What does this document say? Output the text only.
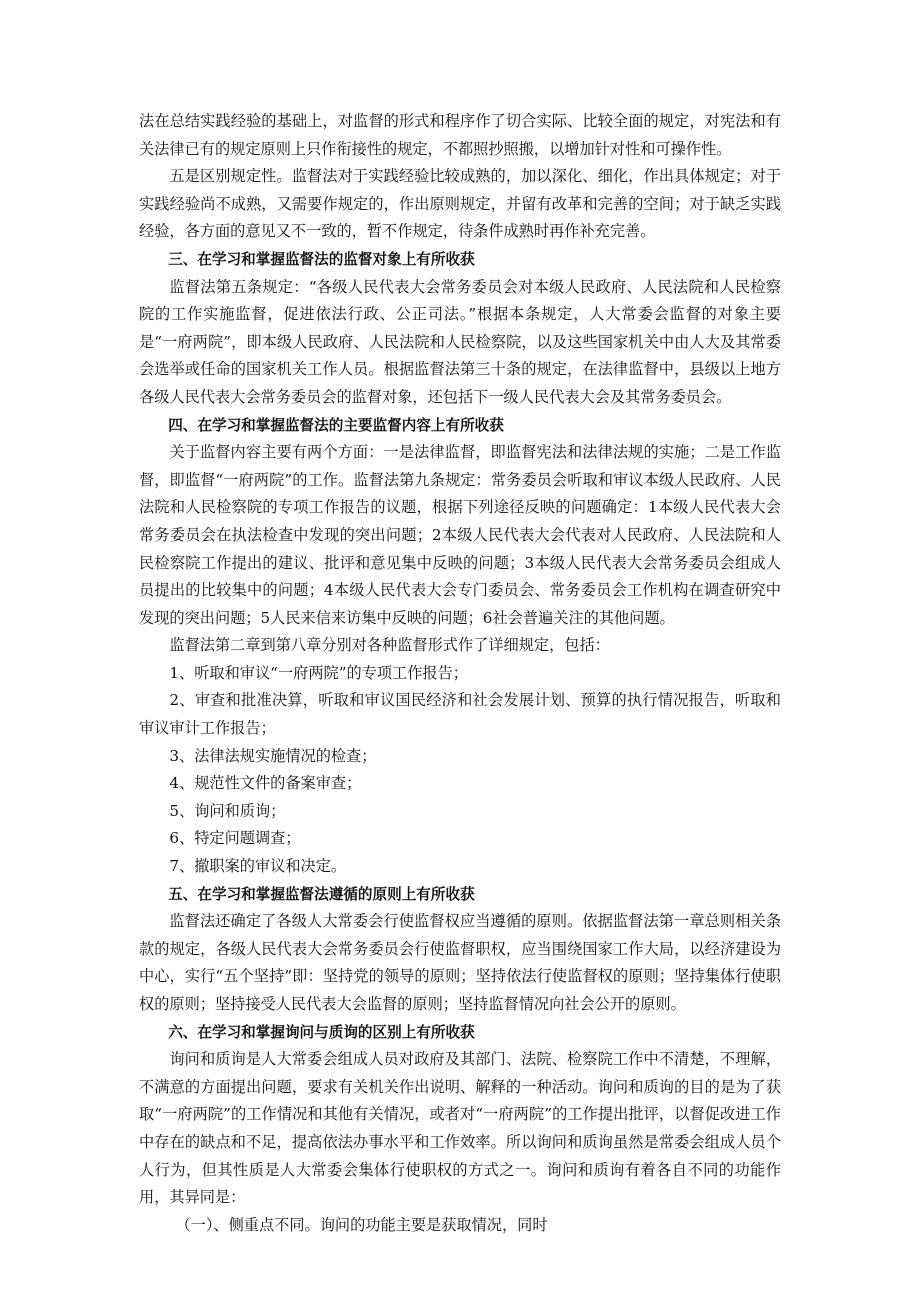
法在总结实践经验的基础上，对监督的形式和程序作了切合实际、比较全面的规定，对宪法和有关法律已有的规定原则上只作衔接性的规定，不都照抄照搬，以增加针对性和可操作性。

五是区别规定性。监督法对于实践经验比较成熟的，加以深化、细化，作出具体规定；对于实践经验尚不成熟，又需要作规定的，作出原则规定，并留有改革和完善的空间；对于缺乏实践经验，各方面的意见又不一致的，暂不作规定，待条件成熟时再作补充完善。

三、在学习和掌握监督法的监督对象上有所收获

监督法第五条规定：“各级人民代表大会常务委员会对本级人民政府、人民法院和人民检察院的工作实施监督，促进依法行政、公正司法。”根据本条规定，人大常委会监督的对象主要是“一府两院”，即本级人民政府、人民法院和人民检察院，以及这些国家机关中由人大及其常委会选举或任命的国家机关工作人员。根据监督法第三十条的规定，在法律监督中，县级以上地方各级人民代表大会常务委员会的监督对象，还包括下一级人民代表大会及其常务委员会。

四、在学习和掌握监督法的主要监督内容上有所收获

关于监督内容主要有两个方面：一是法律监督，即监督宪法和法律法规的实施；二是工作监督，即监督“一府两院”的工作。监督法第九条规定：常务委员会听取和审议本级人民政府、人民法院和人民检察院的专项工作报告的议题，根据下列途径反映的问题确定：1本级人民代表大会常务委员会在执法检查中发现的突出问题；2本级人民代表大会代表对人民政府、人民法院和人民检察院工作提出的建议、批评和意见集中反映的问题；3本级人民代表大会常务委员会组成人员提出的比较集中的问题；4本级人民代表大会专门委员会、常务委员会工作机构在调查研究中发现的突出问题；5人民来信来访集中反映的问题；6社会普遍关注的其他问题。

监督法第二章到第八章分别对各种监督形式作了详细规定，包括：

1、听取和审议“一府两院”的专项工作报告；

2、审查和批准决算，听取和审议国民经济和社会发展计划、预算的执行情况报告，听取和审议审计工作报告；

3、法律法规实施情况的检查；

4、规范性文件的备案审查；

5、询问和质询；

6、特定问题调查；

7、撤职案的审议和决定。

五、在学习和掌握监督法遵循的原则上有所收获

监督法还确定了各级人大常委会行使监督权应当遵循的原则。依据监督法第一章总则相关条款的规定，各级人民代表大会常务委员会行使监督职权，应当围绕国家工作大局，以经济建设为中心，实行“五个坚持”即：坚持党的领导的原则；坚持依法行使监督权的原则；坚持集体行使职权的原则；坚持接受人民代表大会监督的原则；坚持监督情况向社会公开的原则。

六、在学习和掌握询问与质询的区别上有所收获

询问和质询是人大常委会组成人员对政府及其部门、法院、检察院工作中不清楚，不理解，不满意的方面提出问题，要求有关机关作出说明、解释的一种活动。询问和质询的目的是为了获取“一府两院”的工作情况和其他有关情况，或者对“一府两院”的工作提出批评，以督促改进工作中存在的缺点和不足，提高依法办事水平和工作效率。所以询问和质询虽然是常委会组成人员个人行为，但其性质是人大常委会集体行使职权的方式之一。询问和质询有着各自不同的功能作用，其异同是：

（一）、侧重点不同。询问的功能主要是获取情况，同时
